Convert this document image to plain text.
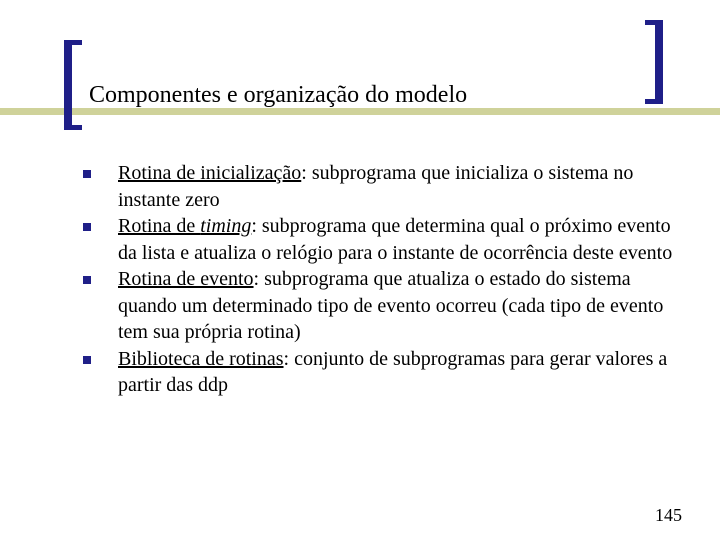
Componentes e organização do modelo
Rotina de inicialização: subprograma que inicializa o sistema no instante zero
Rotina de timing: subprograma que determina qual o próximo evento da lista e atualiza o relógio para o instante de ocorrência deste evento
Rotina de evento: subprograma que atualiza o estado do sistema quando um determinado tipo de evento ocorreu (cada tipo de evento tem sua própria rotina)
Biblioteca de rotinas: conjunto de subprogramas para gerar valores a partir das ddp
145
